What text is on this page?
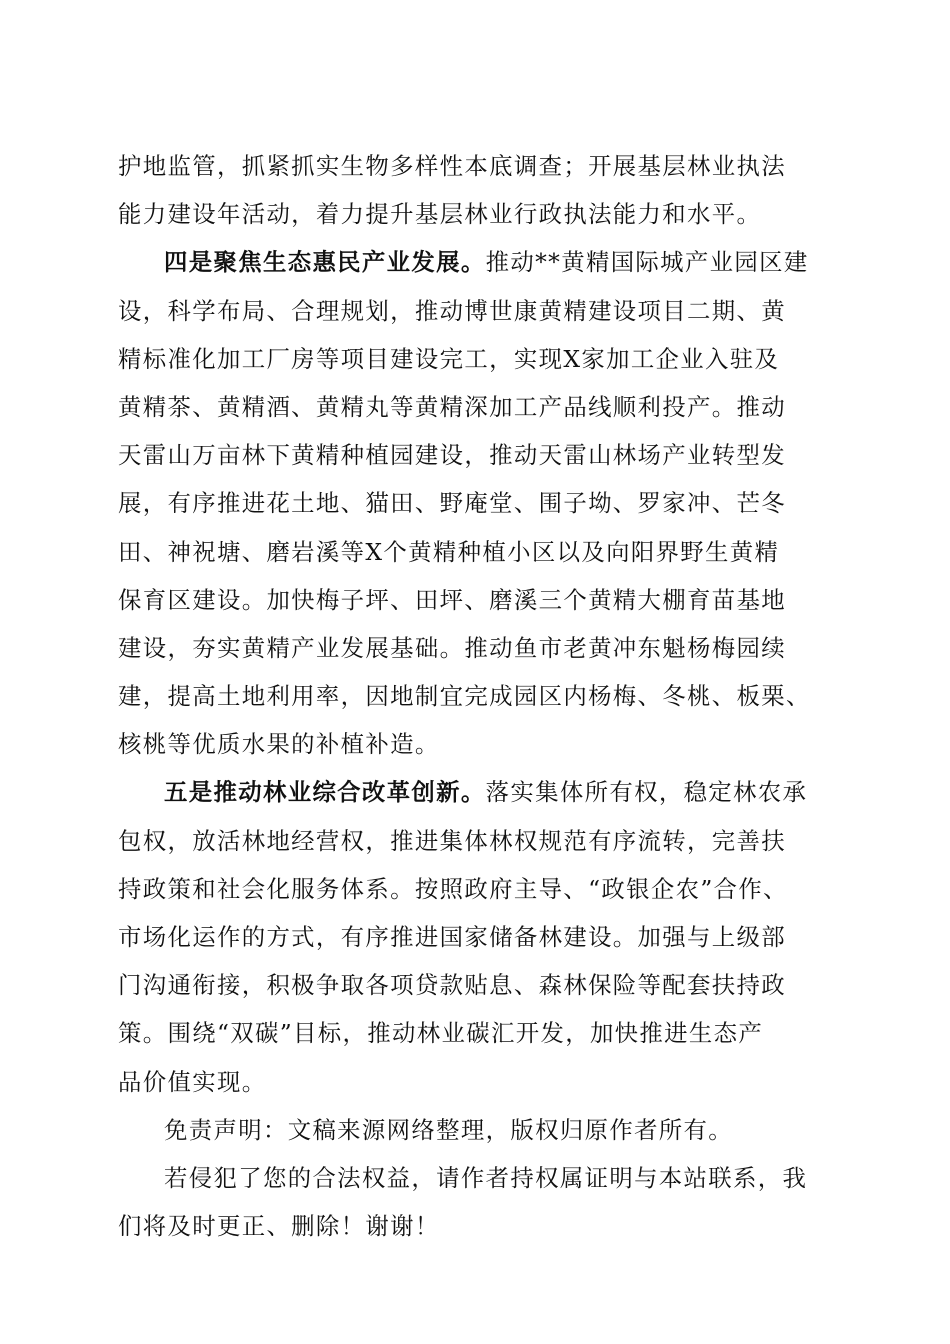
护地监管，抓紧抓实生物多样性本底调查；开展基层林业执法
能力建设年活动，着力提升基层林业行政执法能力和水平。
四是聚焦生态惠民产业发展。推动**黄精国际城产业园区建
设，科学布局、合理规划，推动博世康黄精建设项目二期、黄
精标准化加工厂房等项目建设完工，实现X家加工企业入驻及
黄精茶、黄精酒、黄精丸等黄精深加工产品线顺利投产。推动
天雷山万亩林下黄精种植园建设，推动天雷山林场产业转型发
展，有序推进花土地、猫田、野庵堂、围子坳、罗家冲、芒冬
田、神祝塘、磨岩溪等X个黄精种植小区以及向阳界野生黄精
保育区建设。加快梅子坪、田坪、磨溪三个黄精大棚育苗基地
建设，夯实黄精产业发展基础。推动鱼市老黄冲东魁杨梅园续
建，提高土地利用率，因地制宜完成园区内杨梅、冬桃、板栗、
核桃等优质水果的补植补造。
五是推动林业综合改革创新。落实集体所有权，稳定林农承
包权，放活林地经营权，推进集体林权规范有序流转，完善扶
持政策和社会化服务体系。按照政府主导、“政银企农”合作、
市场化运作的方式，有序推进国家储备林建设。加强与上级部
门沟通衔接，积极争取各项贷款贴息、森林保险等配套扶持政
策。围绕“双碳”目标，推动林业碳汇开发，加快推进生态产
品价值实现。
免责声明：文稿来源网络整理，版权归原作者所有。
若侵犯了您的合法权益，请作者持权属证明与本站联系，我
们将及时更正、删除！谢谢！
